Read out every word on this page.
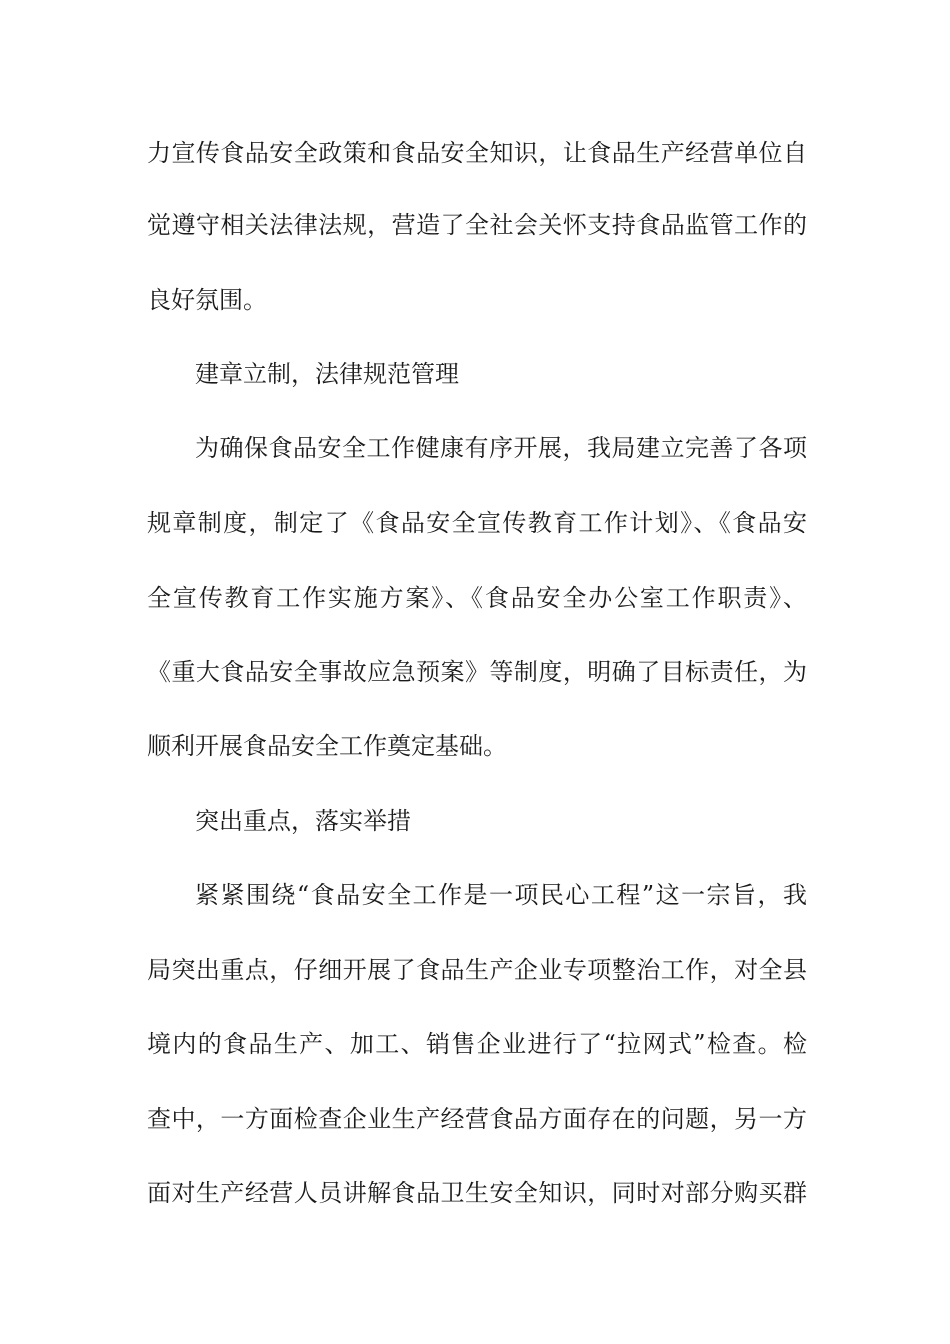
力宣传食品安全政策和食品安全知识，让食品生产经营单位自
觉遵守相关法律法规，营造了全社会关怀支持食品监管工作的
良好氛围。
建章立制，法律规范管理
为确保食品安全工作健康有序开展，我局建立完善了各项
规章制度，制定了《食品安全宣传教育工作计划》、《食品安
全宣传教育工作实施方案》、《食品安全办公室工作职责》、
《重大食品安全事故应急预案》等制度，明确了目标责任，为
顺利开展食品安全工作奠定基础。
突出重点，落实举措
紧紧围绕“食品安全工作是一项民心工程”这一宗旨，我
局突出重点，仔细开展了食品生产企业专项整治工作，对全县
境内的食品生产、加工、销售企业进行了“拉网式”检查。检
查中，一方面检查企业生产经营食品方面存在的问题，另一方
面对生产经营人员讲解食品卫生安全知识，同时对部分购买群
